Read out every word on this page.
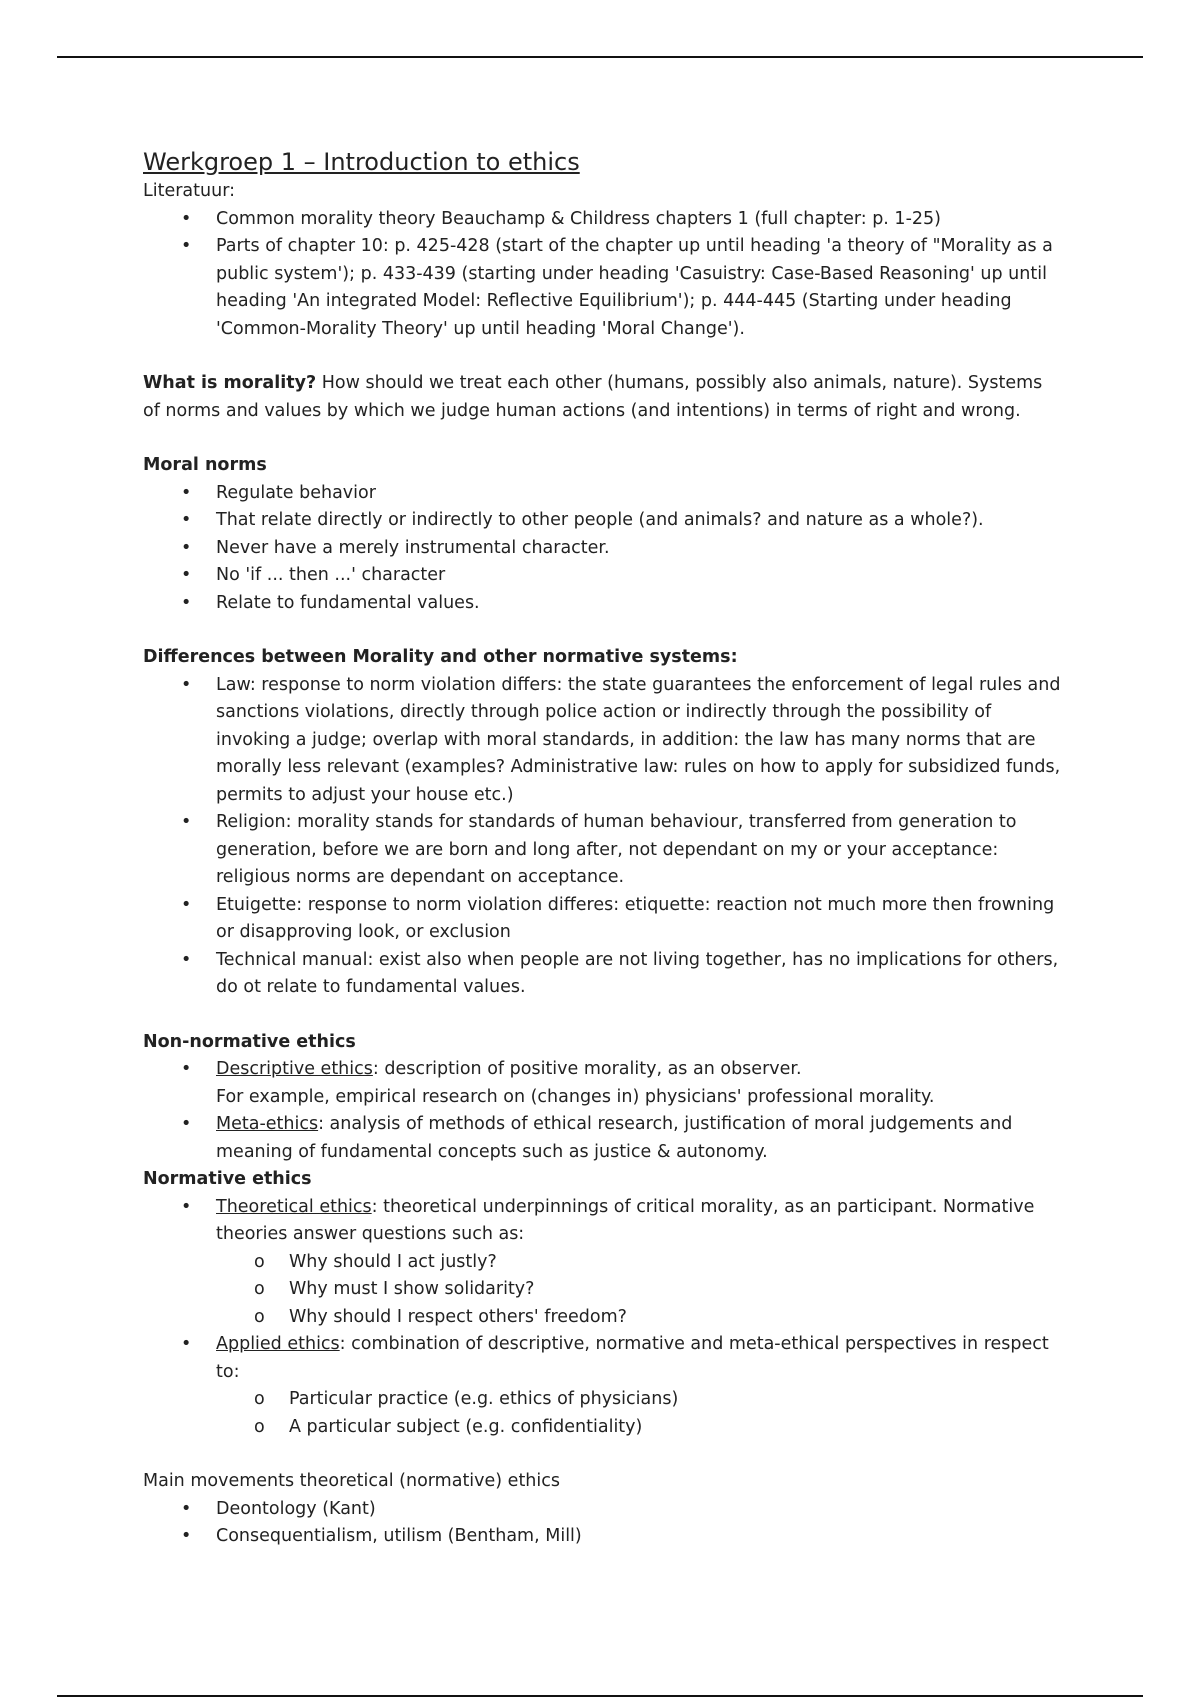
Werkgroep 1 – Introduction to ethics

Literatuur:

• Common morality theory Beauchamp & Childress chapters 1 (full chapter: p. 1-25)
• Parts of chapter 10: p. 425-428 (start of the chapter up until heading 'a theory of "Morality as a public system'); p. 433-439 (starting under heading 'Casuistry: Case-Based Reasoning' up until heading 'An integrated Model: Reflective Equilibrium'); p. 444-445 (Starting under heading 'Common-Morality Theory' up until heading 'Moral Change').

What is morality? How should we treat each other (humans, possibly also animals, nature). Systems of norms and values by which we judge human actions (and intentions) in terms of right and wrong.

Moral norms

• Regulate behavior
• That relate directly or indirectly to other people (and animals? and nature as a whole?).
• Never have a merely instrumental character.
• No 'if ... then ...' character
• Relate to fundamental values.

Differences between Morality and other normative systems:

• Law: response to norm violation differs: the state guarantees the enforcement of legal rules and sanctions violations, directly through police action or indirectly through the possibility of invoking a judge; overlap with moral standards, in addition: the law has many norms that are morally less relevant (examples? Administrative law: rules on how to apply for subsidized funds, permits to adjust your house etc.)
• Religion: morality stands for standards of human behaviour, transferred from generation to generation, before we are born and long after, not dependant on my or your acceptance: religious norms are dependant on acceptance.
• Etuigette: response to norm violation differes: etiquette: reaction not much more then frowning or disapproving look, or exclusion
• Technical manual: exist also when people are not living together, has no implications for others, do ot relate to fundamental values.

Non-normative ethics

• Descriptive ethics: description of positive morality, as an observer.
For example, empirical research on (changes in) physicians' professional morality.
• Meta-ethics: analysis of methods of ethical research, justification of moral judgements and meaning of fundamental concepts such as justice & autonomy.

Normative ethics

• Theoretical ethics: theoretical underpinnings of critical morality, as an participant. Normative theories answer questions such as:
o Why should I act justly?
o Why must I show solidarity?
o Why should I respect others' freedom?
• Applied ethics: combination of descriptive, normative and meta-ethical perspectives in respect to:
o Particular practice (e.g. ethics of physicians)
o A particular subject (e.g. confidentiality)

Main movements theoretical (normative) ethics

• Deontology (Kant)
• Consequentialism, utilism (Bentham, Mill)
